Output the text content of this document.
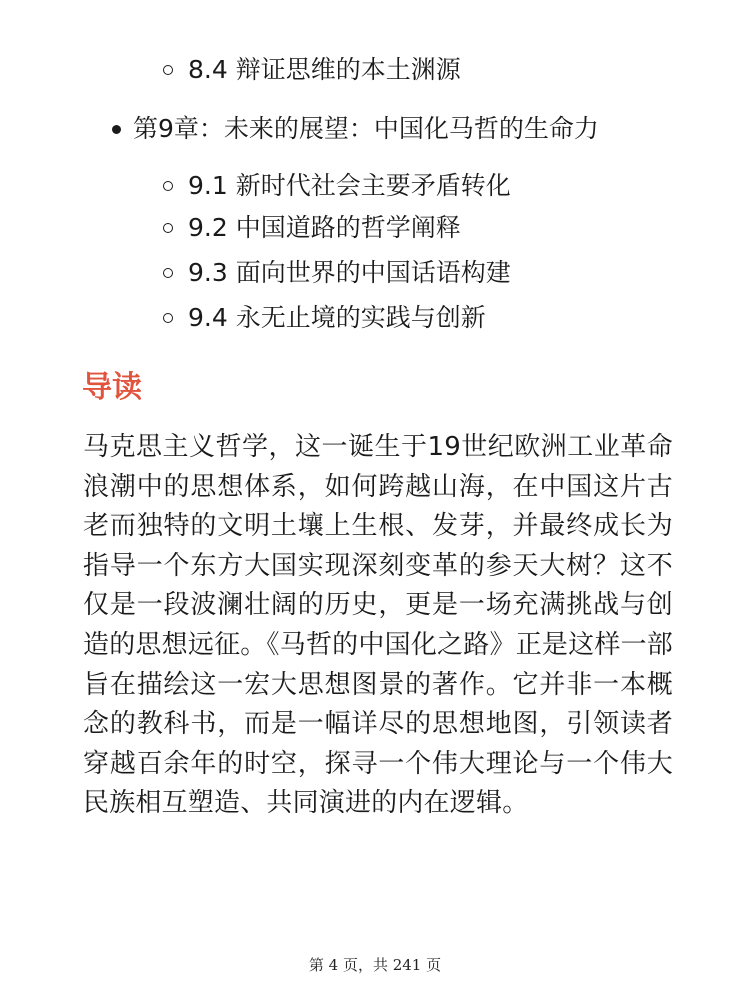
8.4 辩证思维的本土渊源
第9章：未来的展望：中国化马哲的生命力
9.1 新时代社会主要矛盾转化
9.2 中国道路的哲学阐释
9.3 面向世界的中国话语构建
9.4 永无止境的实践与创新
导读

马克思主义哲学，这一诞生于19世纪欧洲工业革命浪潮中的思想体系，如何跨越山海，在中国这片古老而独特的文明土壤上生根、发芽，并最终成长为指导一个东方大国实现深刻变革的参天大树？这不仅是一段波澜壮阔的历史，更是一场充满挑战与创造的思想远征。《马哲的中国化之路》正是这样一部旨在描绘这一宏大思想图景的著作。它并非一本概念的教科书，而是一幅详尽的思想地图，引领读者穿越百余年的时空，探寻一个伟大理论与一个伟大民族相互塑造、共同演进的内在逻辑。

第 4 页，共 241 页
